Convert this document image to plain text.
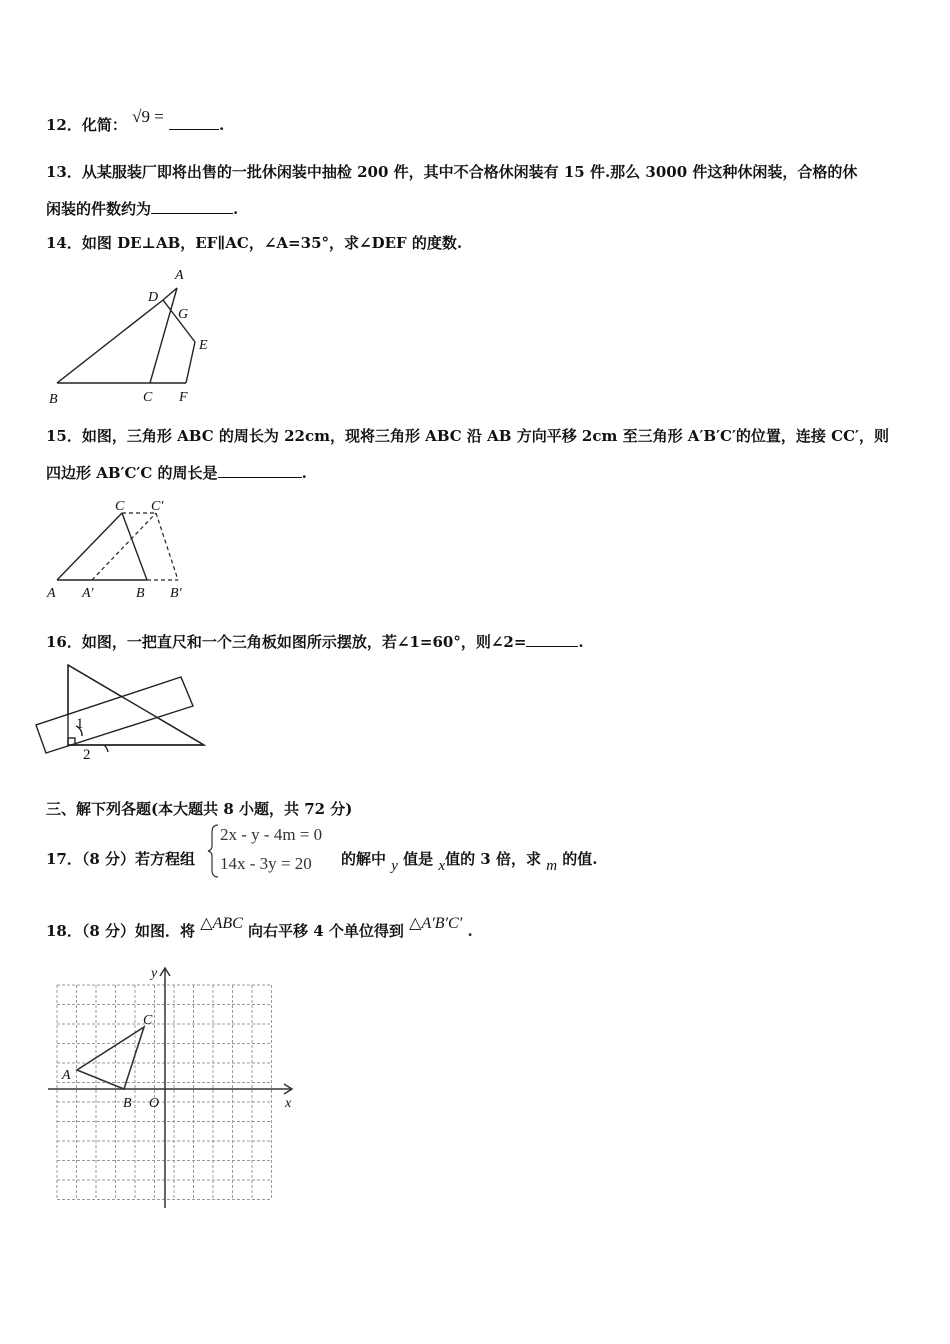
12．化简： √9 =	.
13．从某服装厂即将出售的一批休闲装中抽检 200 件，其中不合格休闲装有 15 件.那么 3000 件这种休闲装，合格的休
闲装的件数约为	.
14．如图 DE⊥AB，EF∥AC，∠A=35°，求∠DEF 的度数.
A
D
G
E
B	C F
15．如图，三角形 ABC 的周长为 22cm，现将三角形 ABC 沿 AB 方向平移 2cm 至三角形 A′B′C′的位置，连接 CC′，则
四边形 AB′C′C 的周长是	.
A A′	B B′
C C′
16．如图，一把直尺和一个三角板如图所示摆放，若∠1=60°，则∠2=	.
1
2
三、解下列各题(本大题共 8 小题，共 72 分)
17．（8 分）若方程组
2x - y - 4m = 0
14x - 3y = 20 的解中 y 值是 x值的 3 倍，求 m 的值.
18．（8 分）如图．将 △ABC 向右平移 4 个单位得到 △A′B′C′ .
y
x
O
A
B
C
